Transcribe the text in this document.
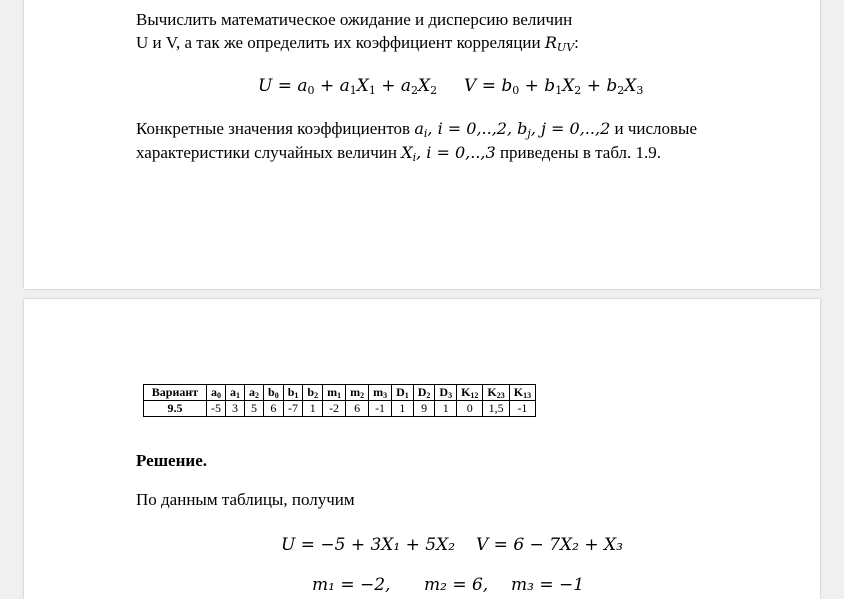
Вычислить математическое ожидание и дисперсию величин
U и V, а так же определить их коэффициент корреляции $R_{UV}$:
$U = a_0 + a_1X_1 + a_2X_2$ $V = b_0 + b_1X_2 + b_2X_3$
Конкретные значения коэффициентов $a_i$, i = 0,..,2, $b_j$, j = 0,..,2 и числовые
характеристики случайных величин $X_i$, i = 0,..,3 приведены в табл. 1.9.
Вариант	$a_0$	$a_1$	$a_2$	$b_0$	$b_1$	$b_2$	$m_1$	$m_2$	$m_3$	$D_1$	$D_2$	$D_3$	$K_{12}$	$K_{23}$	$K_{13}$
9.5	-5	3	5	6	-7	1	-2	6	-1	1	9	1	0	1,5	-1
Решение.
По данным таблицы, получим
U = −5 + 3X₁ + 5X₂ V = 6 − 7X₂ + X₃
m₁ = −2, m₂ = 6, m₃ = −1
